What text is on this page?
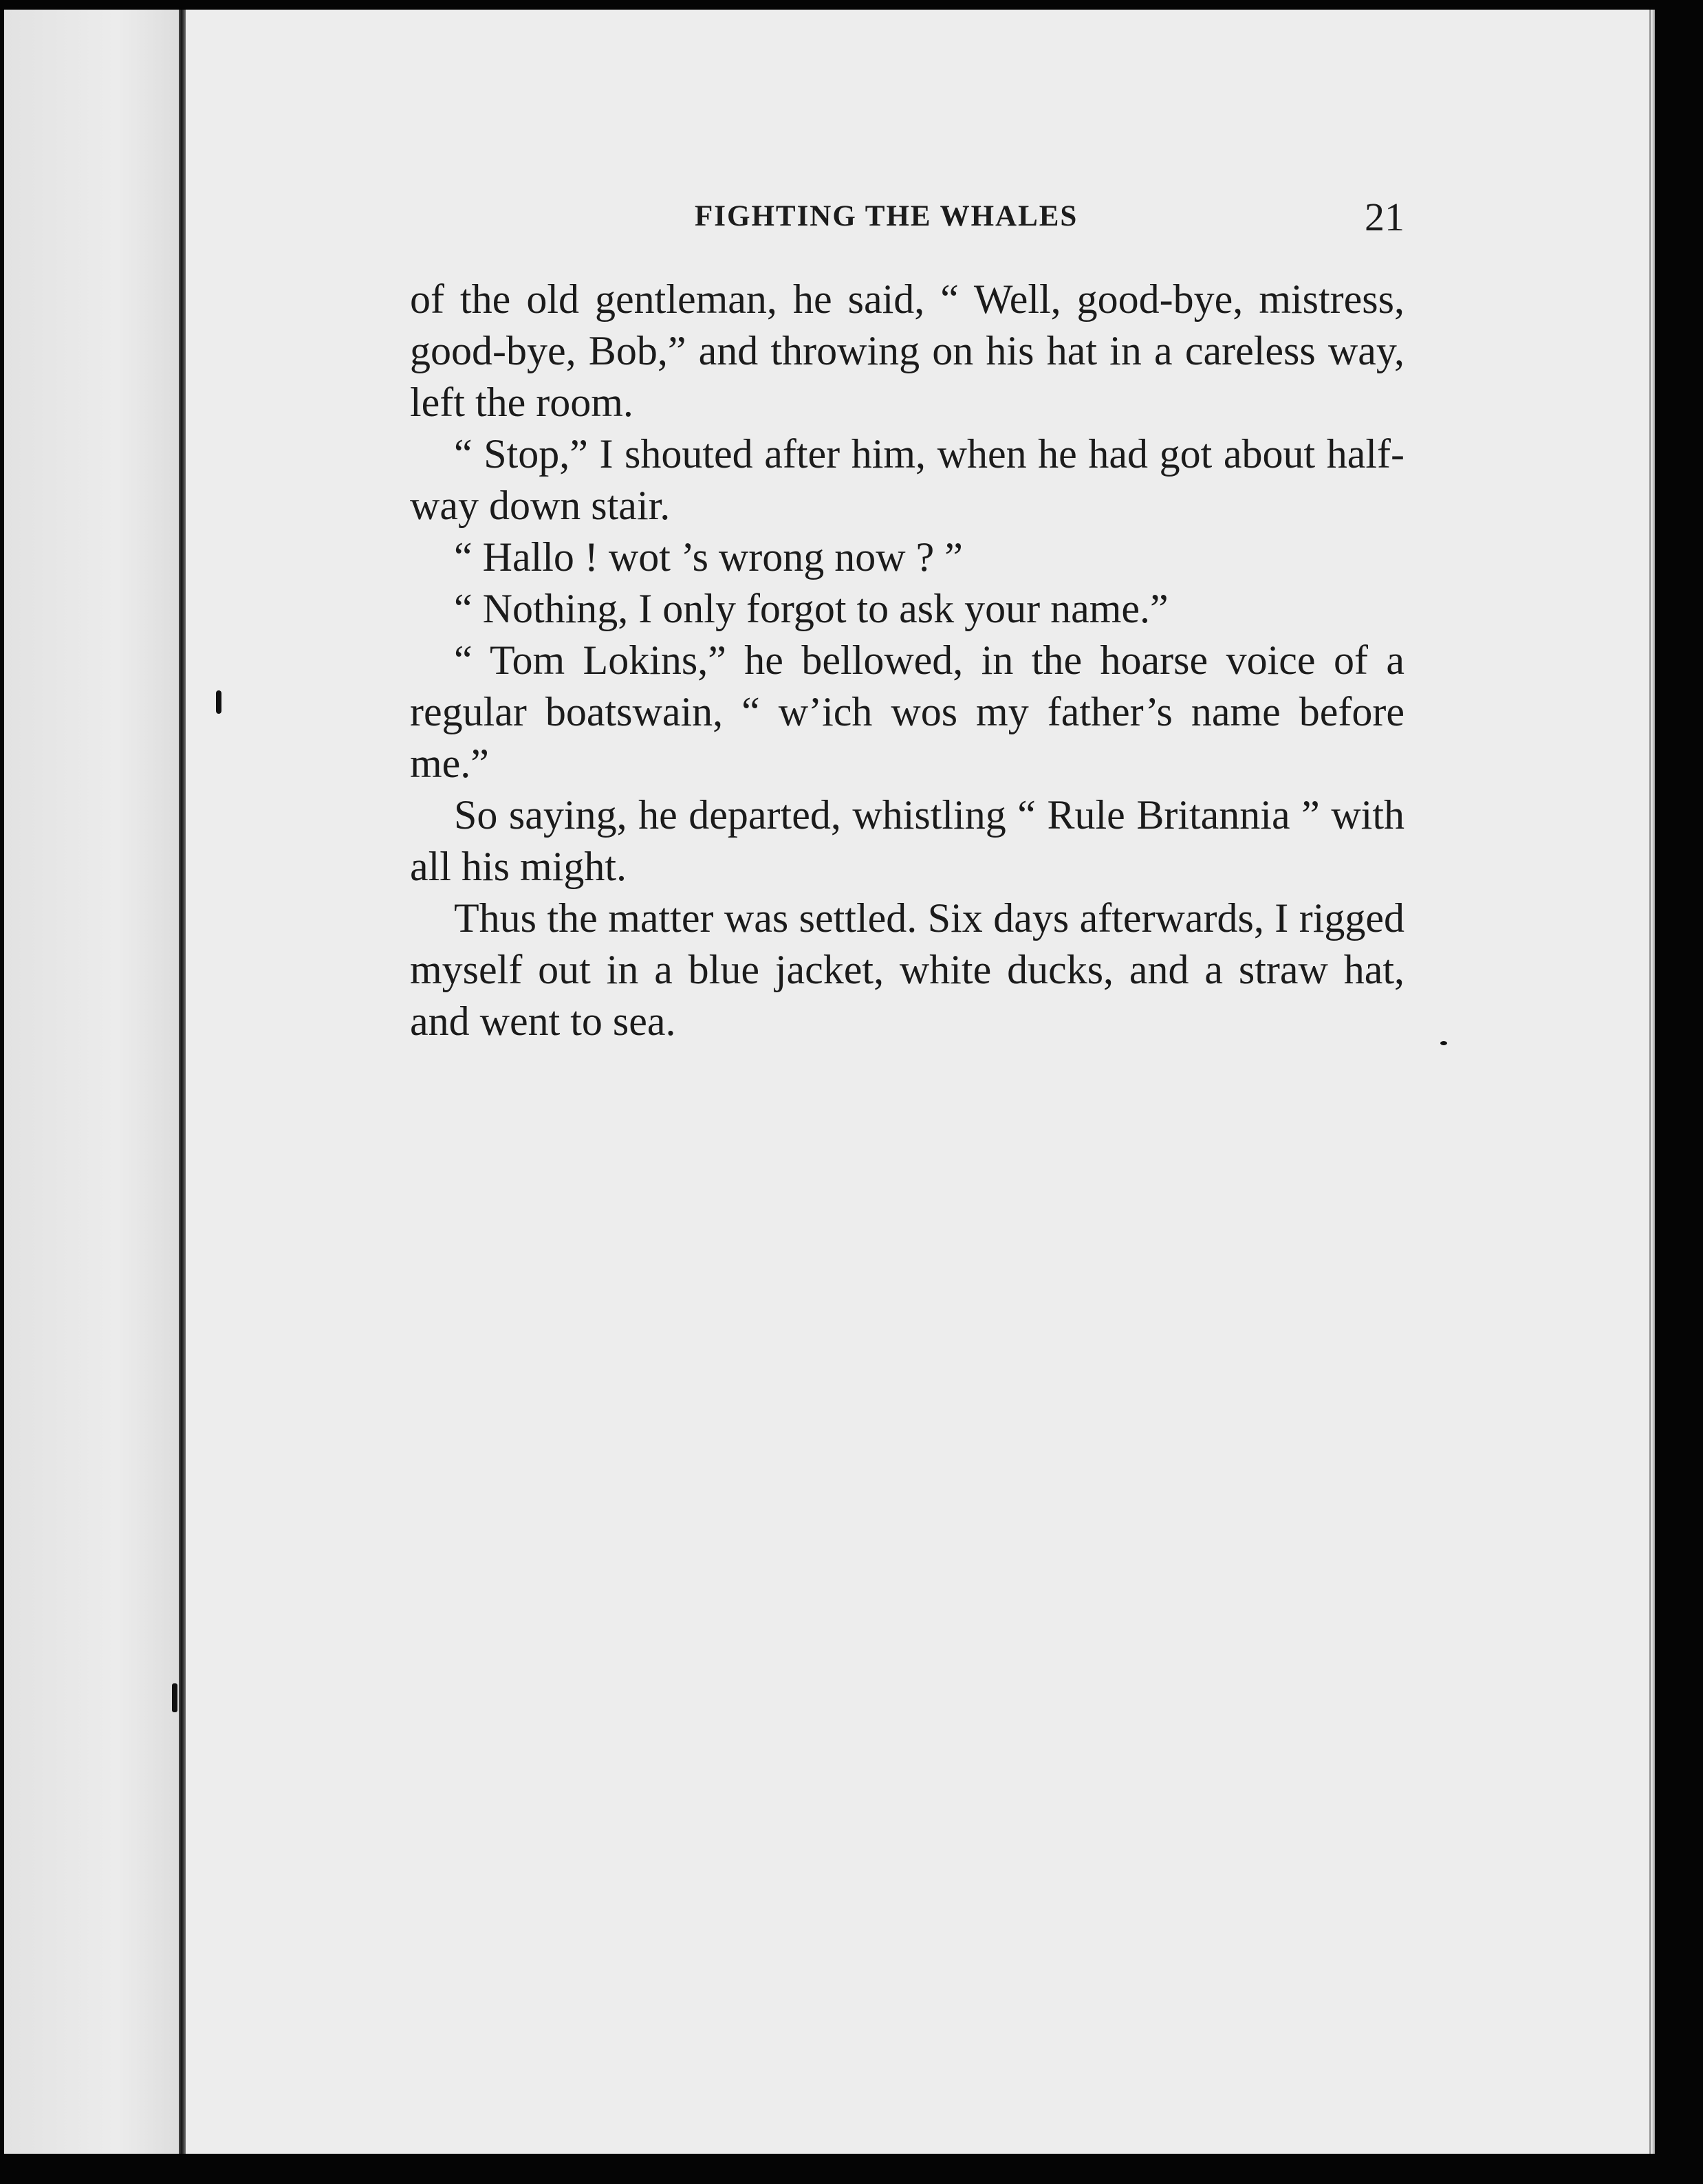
FIGHTING THE WHALES	21

of the old gentleman, he said, “ Well, good-bye, mistress, good-bye, Bob,” and throwing on his hat in a careless way, left the room.

“ Stop,” I shouted after him, when he had got about half-way down stair.

“ Hallo ! wot ’s wrong now ? ”

“ Nothing, I only forgot to ask your name.”

“ Tom Lokins,” he bellowed, in the hoarse voice of a regular boatswain, “ w’ich wos my father’s name before me.”

So saying, he departed, whistling “ Rule Britannia ” with all his might.

Thus the matter was settled. Six days afterwards, I rigged myself out in a blue jacket, white ducks, and a straw hat, and went to sea.
